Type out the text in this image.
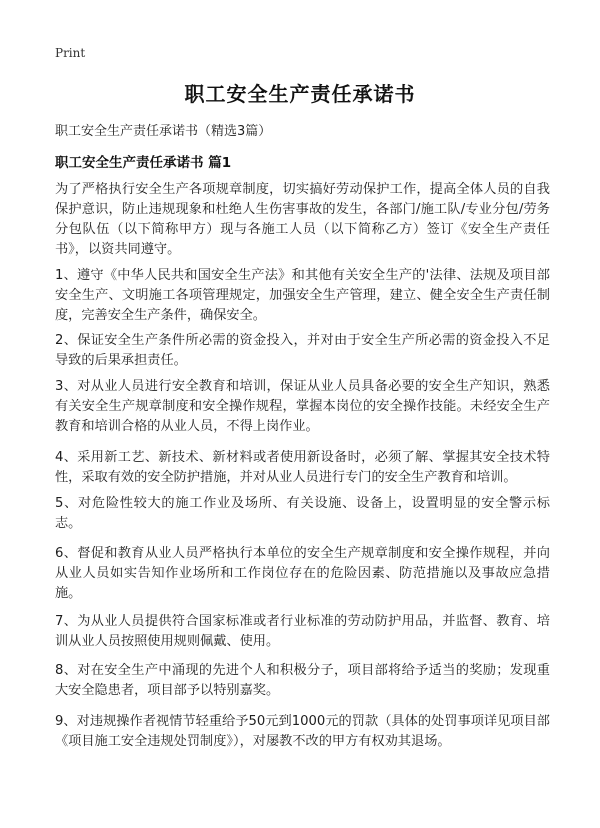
Print
职工安全生产责任承诺书
职工安全生产责任承诺书（精选3篇）
职工安全生产责任承诺书 篇1
为了严格执行安全生产各项规章制度，切实搞好劳动保护工作，提高全体人员的自我保护意识，防止违规现象和杜绝人生伤害事故的发生，各部门/施工队/专业分包/劳务分包队伍（以下简称甲方）现与各施工人员（以下简称乙方）签订《安全生产责任书》，以资共同遵守。
1、遵守《中华人民共和国安全生产法》和其他有关安全生产的'法律、法规及项目部安全生产、文明施工各项管理规定，加强安全生产管理，建立、健全安全生产责任制度，完善安全生产条件，确保安全。
2、保证安全生产条件所必需的资金投入，并对由于安全生产所必需的资金投入不足导致的后果承担责任。
3、对从业人员进行安全教育和培训，保证从业人员具备必要的安全生产知识，熟悉有关安全生产规章制度和安全操作规程，掌握本岗位的安全操作技能。未经安全生产教育和培训合格的从业人员，不得上岗作业。
4、采用新工艺、新技术、新材料或者使用新设备时，必须了解、掌握其安全技术特性，采取有效的安全防护措施，并对从业人员进行专门的安全生产教育和培训。
5、对危险性较大的施工作业及场所、有关设施、设备上，设置明显的安全警示标志。
6、督促和教育从业人员严格执行本单位的安全生产规章制度和安全操作规程，并向从业人员如实告知作业场所和工作岗位存在的危险因素、防范措施以及事故应急措施。
7、为从业人员提供符合国家标准或者行业标准的劳动防护用品，并监督、教育、培训从业人员按照使用规则佩戴、使用。
8、对在安全生产中涌现的先进个人和积极分子，项目部将给予适当的奖励；发现重大安全隐患者，项目部予以特别嘉奖。
9、对违规操作者视情节轻重给予50元到1000元的罚款（具体的处罚事项详见项目部《项目施工安全违规处罚制度》），对屡教不改的甲方有权劝其退场。
